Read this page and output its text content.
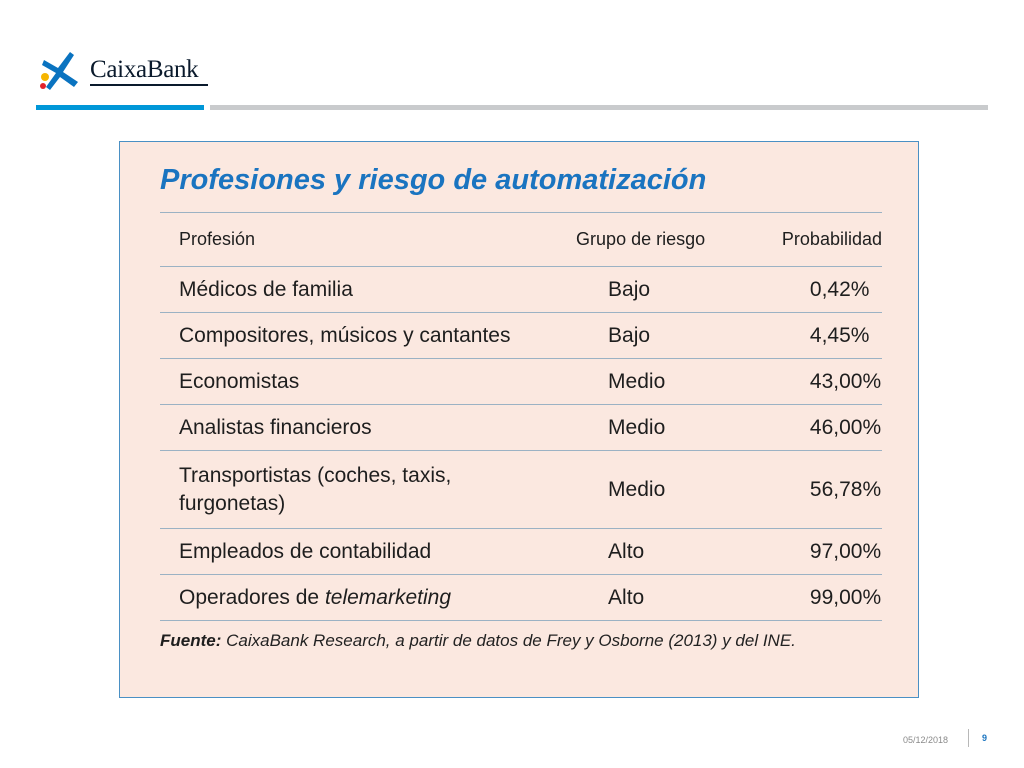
CaixaBank
Profesiones y riesgo de automatización
Profesión	Grupo de riesgo	Probabilidad
Médicos de familia	Bajo	0,42%
Compositores, músicos y cantantes	Bajo	4,45%
Economistas	Medio	43,00%
Analistas financieros	Medio	46,00%
Transportistas (coches, taxis,
furgonetas)	Medio	56,78%
Empleados de contabilidad	Alto	97,00%
Operadores de telemarketing	Alto	99,00%
Fuente: CaixaBank Research, a partir de datos de Frey y Osborne (2013) y del INE.
05/12/2018	9
